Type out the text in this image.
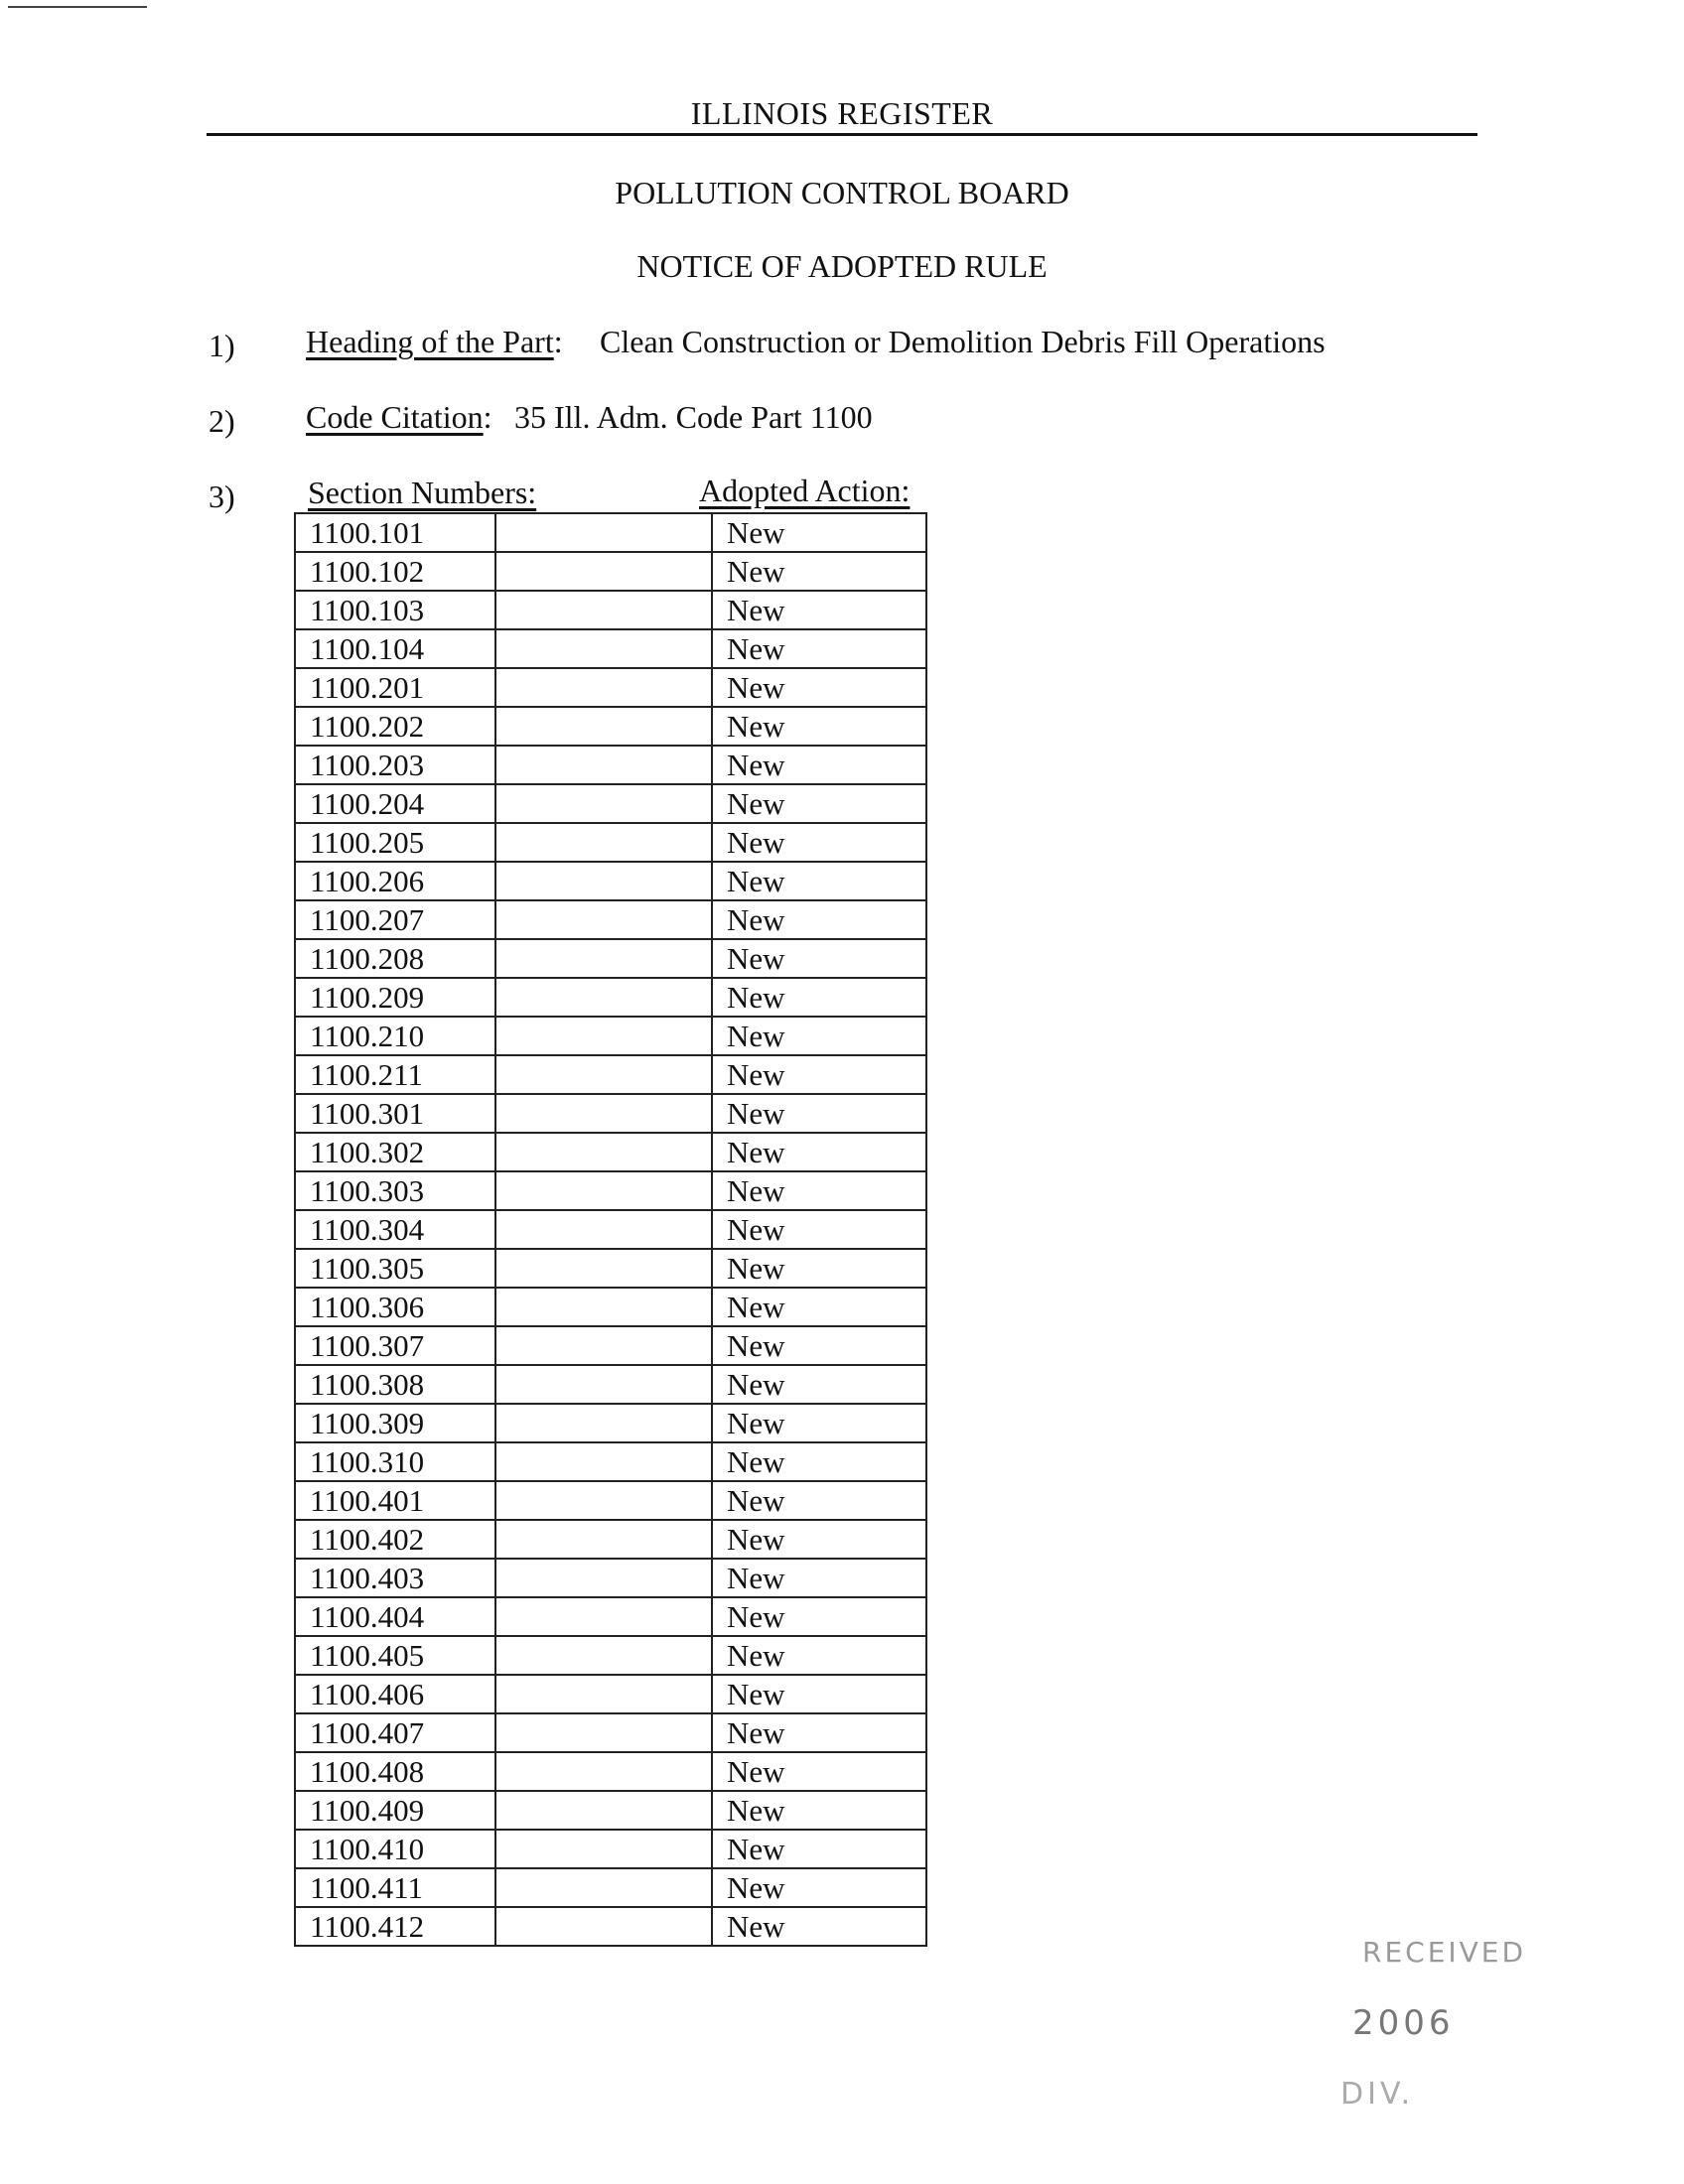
ILLINOIS REGISTER
POLLUTION CONTROL BOARD
NOTICE OF ADOPTED RULE
1) Heading of the Part: Clean Construction or Demolition Debris Fill Operations
2) Code Citation: 35 Ill. Adm. Code Part 1100
3) Section Numbers:	Adopted Action:
1100.101		New
1100.102		New
1100.103		New
1100.104		New
1100.201		New
1100.202		New
1100.203		New
1100.204		New
1100.205		New
1100.206		New
1100.207		New
1100.208		New
1100.209		New
1100.210		New
1100.211		New
1100.301		New
1100.302		New
1100.303		New
1100.304		New
1100.305		New
1100.306		New
1100.307		New
1100.308		New
1100.309		New
1100.310		New
1100.401		New
1100.402		New
1100.403		New
1100.404		New
1100.405		New
1100.406		New
1100.407		New
1100.408		New
1100.409		New
1100.410		New
1100.411		New
1100.412		New
RECEIVED
2006
DIV.
